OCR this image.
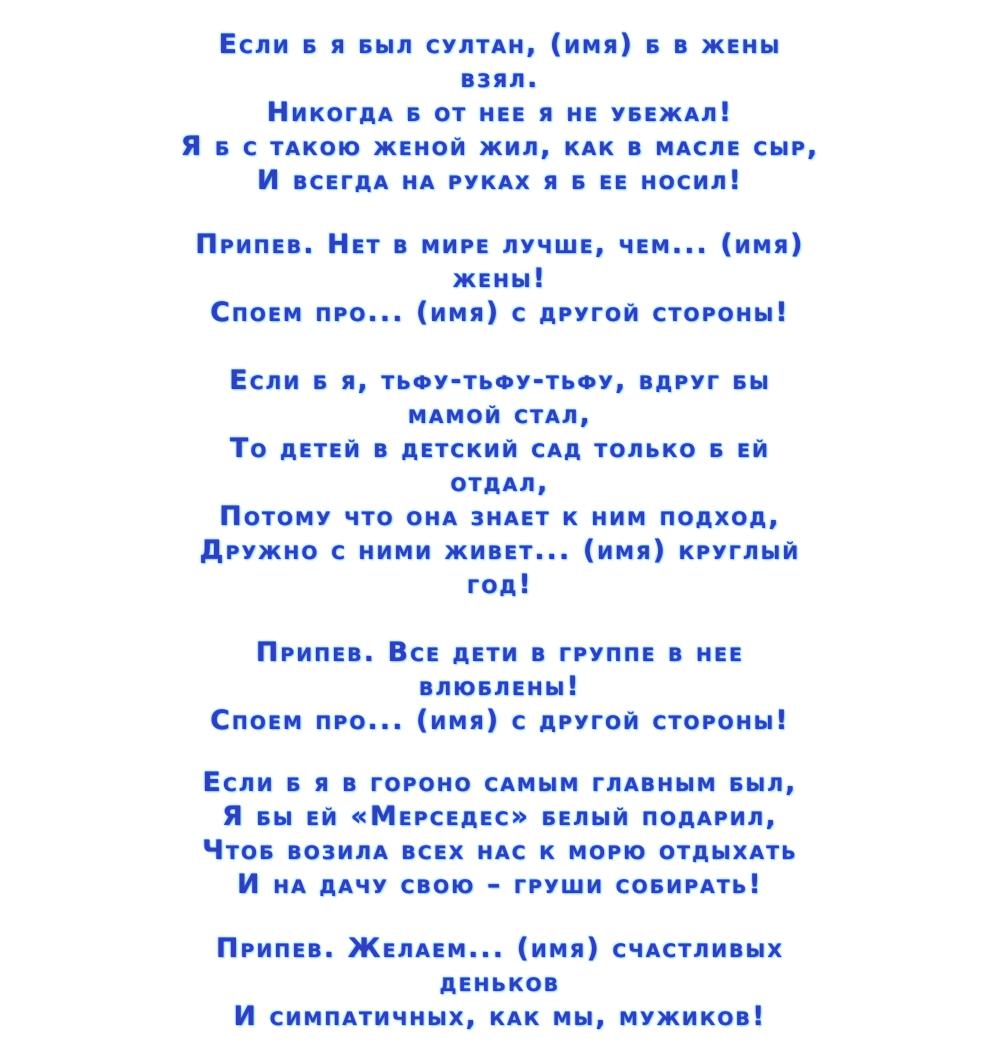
Если б я был султан, (имя) б в жены
взял.
Никогда б от нее я не убежал!
Я б с такою женой жил, как в масле сыр,
И всегда на руках я б ее носил!
Припев. Нет в мире лучше, чем... (имя)
жены!
Споем про... (имя) с другой стороны!
Если б я, тьфу-тьфу-тьфу, вдруг бы
мамой стал,
То детей в детский сад только б ей
отдал,
Потому что она знает к ним подход,
Дружно с ними живет... (имя) круглый
год!
Припев. Все дети в группе в нее
влюблены!
Споем про... (имя) с другой стороны!
Если б я в гороно самым главным был,
Я бы ей «Мерседес» белый подарил,
Чтоб возила всех нас к морю отдыхать
И на дачу свою – груши собирать!
Припев. Желаем... (имя) счастливых
деньков
И симпатичных, как мы, мужиков!
